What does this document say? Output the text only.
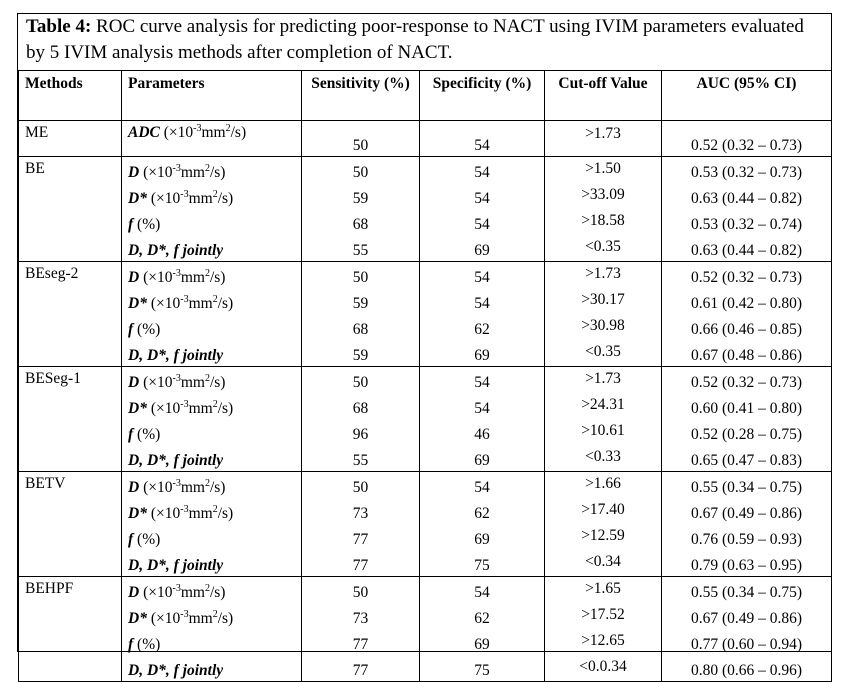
Table 4: ROC curve analysis for predicting poor-response to NACT using IVIM parameters evaluated by 5 IVIM analysis methods after completion of NACT.
Methods	Parameters	Sensitivity (%)	Specificity (%)	Cut-off Value	AUC (95% CI)
ME	ADC $(\times 10^{-3}mm^2/s)$	50	54	>1.73	0.52 (0.32 – 0.73)
BE	D $(\times 10^{-3}mm^2/s)$	50	54	>1.50	0.53 (0.32 – 0.73)
	D* $(\times 10^{-3}mm^2/s)$	59	54	>33.09	0.63 (0.44 – 0.82)
	f (%)	68	54	>18.58	0.53 (0.32 – 0.74)
	D, D*, f jointly	55	69	<0.35	0.63 (0.44 – 0.82)
BEseg-2	D $(\times 10^{-3}mm^2/s)$	50	54	>1.73	0.52 (0.32 – 0.73)
	D* $(\times 10^{-3}mm^2/s)$	59	54	>30.17	0.61 (0.42 – 0.80)
	f (%)	68	62	>30.98	0.66 (0.46 – 0.85)
	D, D*, f jointly	59	69	<0.35	0.67 (0.48 – 0.86)
BESeg-1	D $(\times 10^{-3}mm^2/s)$	50	54	>1.73	0.52 (0.32 – 0.73)
	D* $(\times 10^{-3}mm^2/s)$	68	54	>24.31	0.60 (0.41 – 0.80)
	f (%)	96	46	>10.61	0.52 (0.28 – 0.75)
	D, D*, f jointly	55	69	<0.33	0.65 (0.47 – 0.83)
BETV	D $(\times 10^{-3}mm^2/s)$	50	54	>1.66	0.55 (0.34 – 0.75)
	D* $(\times 10^{-3}mm^2/s)$	73	62	>17.40	0.67 (0.49 – 0.86)
	f (%)	77	69	>12.59	0.76 (0.59 – 0.93)
	D, D*, f jointly	77	75	<0.34	0.79 (0.63 – 0.95)
BEHPF	D $(\times 10^{-3}mm^2/s)$	50	54	>1.65	0.55 (0.34 – 0.75)
	D* $(\times 10^{-3}mm^2/s)$	73	62	>17.52	0.67 (0.49 – 0.86)
	f (%)	77	69	>12.65	0.77 (0.60 – 0.94)
	D, D*, f jointly	77	75	<0.0.34	0.80 (0.66 – 0.96)
